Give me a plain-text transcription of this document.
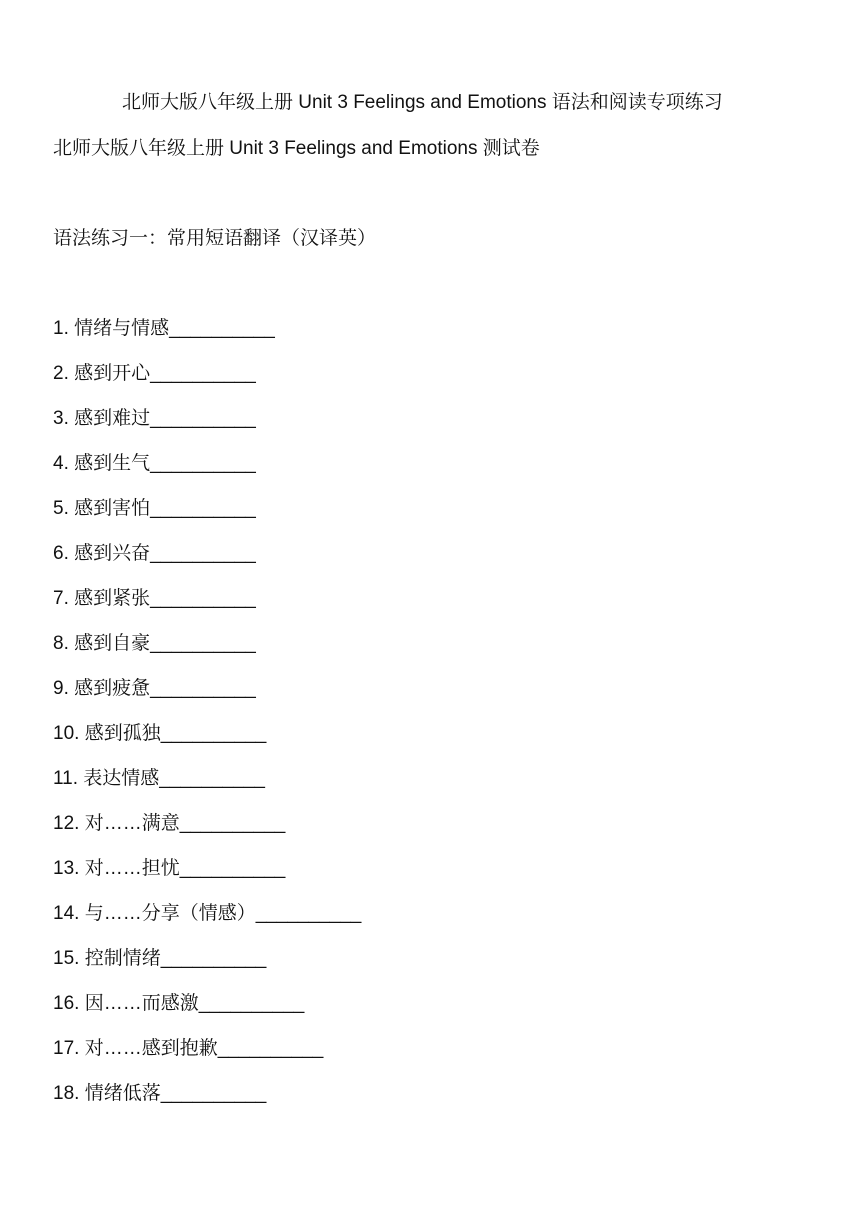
北师大版八年级上册 Unit 3 Feelings and Emotions 语法和阅读专项练习
北师大版八年级上册 Unit 3 Feelings and Emotions 测试卷
语法练习一：常用短语翻译（汉译英）
1. 情绪与情感__________
2. 感到开心__________
3. 感到难过__________
4. 感到生气__________
5. 感到害怕__________
6. 感到兴奋__________
7. 感到紧张__________
8. 感到自豪__________
9. 感到疲惫__________
10. 感到孤独__________
11. 表达情感__________
12. 对……满意__________
13. 对……担忧__________
14. 与……分享（情感）__________
15. 控制情绪__________
16. 因……而感激__________
17. 对……感到抱歉__________
18. 情绪低落__________
